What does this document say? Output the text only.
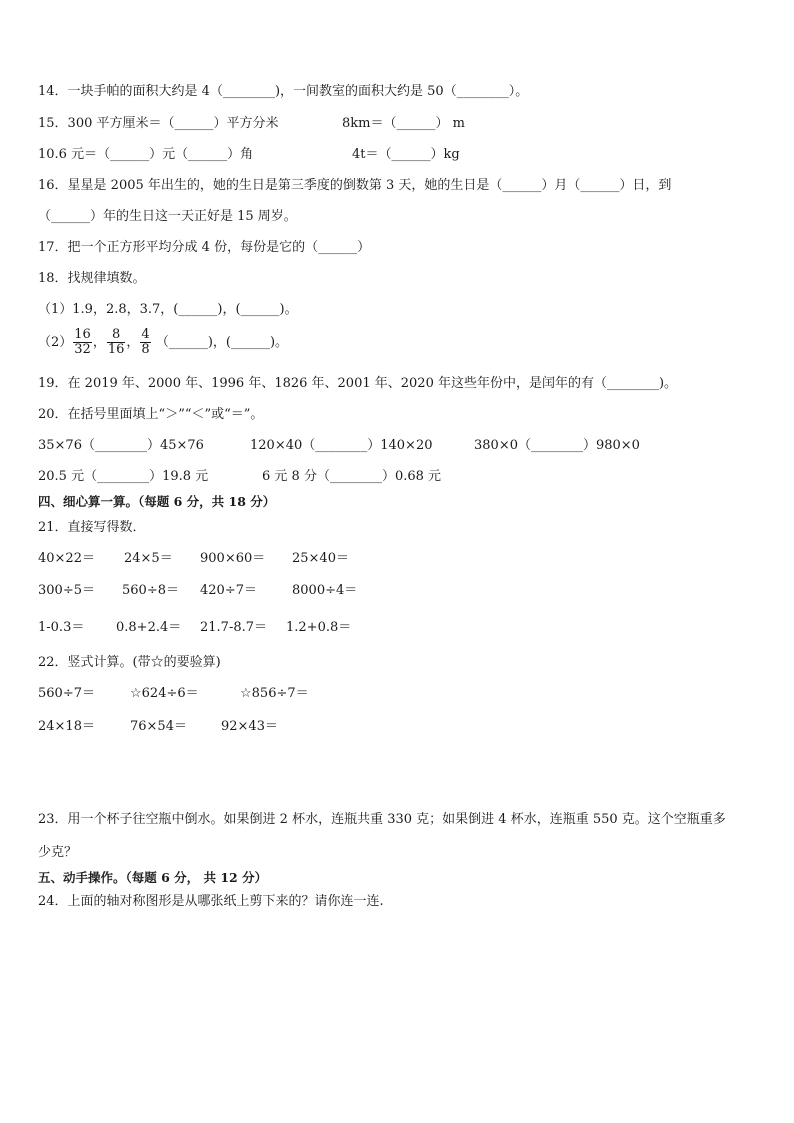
14．一块手帕的面积大约是 4（________)，一间教室的面积大约是 50（________）。
15．300 平方厘米＝（______）平方分米	8km＝（______） m
10.6 元＝（______）元（______）角	4t＝（______）kg
16．星星是 2005 年出生的，她的生日是第三季度的倒数第 3 天，她的生日是（______）月（______）日，到
（______）年的生日这一天正好是 15 周岁。
17．把一个正方形平均分成 4 份，每份是它的（______）
18．找规律填数。
（1）1.9，2.8，3.7，(______)，(______)。
$(2) \frac{16}{32}$ ， $\frac{8}{16}$ ， $\frac{4}{8}$ （______)，(______)。
19．在 2019 年、2000 年、1996 年、1826 年、2001 年、2020 年这些年份中，是闰年的有（________)。
20．在括号里面填上“＞”“＜”或“＝”。
35×76（________）45×76	120×40（________）140×20	380×0（________）980×0
20.5 元（________）19.8 元	6 元 8 分（________）0.68 元
四、细心算一算。（每题 6 分，共 18 分）
21．直接写得数．
40×22＝ 24×5＝ 900×60＝ 25×40＝
300÷5＝ 560÷8＝ 420÷7＝	8000÷4＝
1-0.3＝ 0.8+2.4＝ 21.7-8.7＝ 1.2+0.8＝
22．竖式计算。(带☆的要验算)
560÷7＝	☆624÷6＝	☆856÷7＝
24×18＝	76×54＝	92×43＝
23．用一个杯子往空瓶中倒水。如果倒进 2 杯水，连瓶共重 330 克；如果倒进 4 杯水，连瓶重 550 克。这个空瓶重多
少克？
五、动手操作。（每题 6 分， 共 12 分）
24．上面的轴对称图形是从哪张纸上剪下来的？请你连一连.
